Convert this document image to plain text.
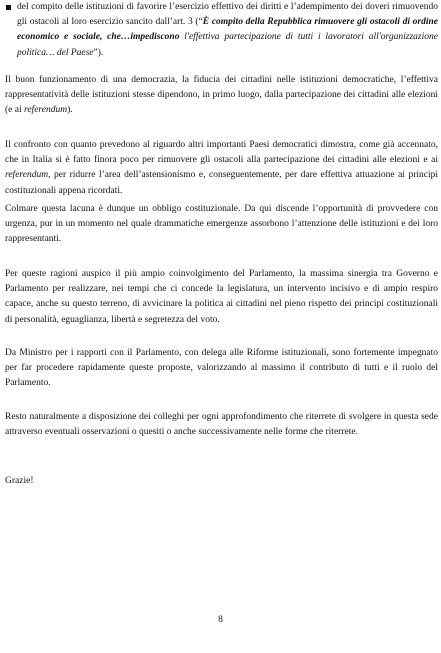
del compito delle istituzioni di favorire l’esercizio effettivo dei diritti e l’adempimento dei doveri rimuovendo gli ostacoli al loro esercizio sancito dall’art. 3 (“È compito della Repubblica rimuovere gli ostacoli di ordine economico e sociale, che…impediscono l'effettiva partecipazione di tutti i lavoratori all'organizzazione politica… del Paese”).

Il buon funzionamento di una democrazia, la fiducia dei cittadini nelle istituzioni democratiche, l’effettiva rappresentatività delle istituzioni stesse dipendono, in primo luogo, dalla partecipazione dei cittadini alle elezioni (e ai referendum).

Il confronto con quanto prevedono al riguardo altri importanti Paesi democratici dimostra, come già accennato, che in Italia si è fatto finora poco per rimuovere gli ostacoli alla partecipazione dei cittadini alle elezioni e ai referendum, per ridurre l’area dell’astensionismo e, conseguentemente, per dare effettiva attuazione ai principi costituzionali appena ricordati.

Colmare questa lacuna è dunque un obbligo costituzionale. Da qui discende l’opportunità di provvedere con urgenza, pur in un momento nel quale drammatiche emergenze assorbono l’attenzione delle istituzioni e dei loro rappresentanti.

Per queste ragioni auspico il più ampio coinvolgimento del Parlamento, la massima sinergia tra Governo e Parlamento per realizzare, nei tempi che ci concede la legislatura, un intervento incisivo e di ampio respiro capace, anche su questo terreno, di avvicinare la politica ai cittadini nel pieno rispetto dei principi costituzionali di personalità, eguaglianza, libertà e segretezza del voto.

Da Ministro per i rapporti con il Parlamento, con delega alle Riforme istituzionali, sono fortemente impegnato per far procedere rapidamente queste proposte, valorizzando al massimo il contributo di tutti e il ruolo del Parlamento.

Resto naturalmente a disposizione dei colleghi per ogni approfondimento che riterrete di svolgere in questa sede attraverso eventuali osservazioni o quesiti o anche successivamente nelle forme che riterrete.

Grazie!

8
